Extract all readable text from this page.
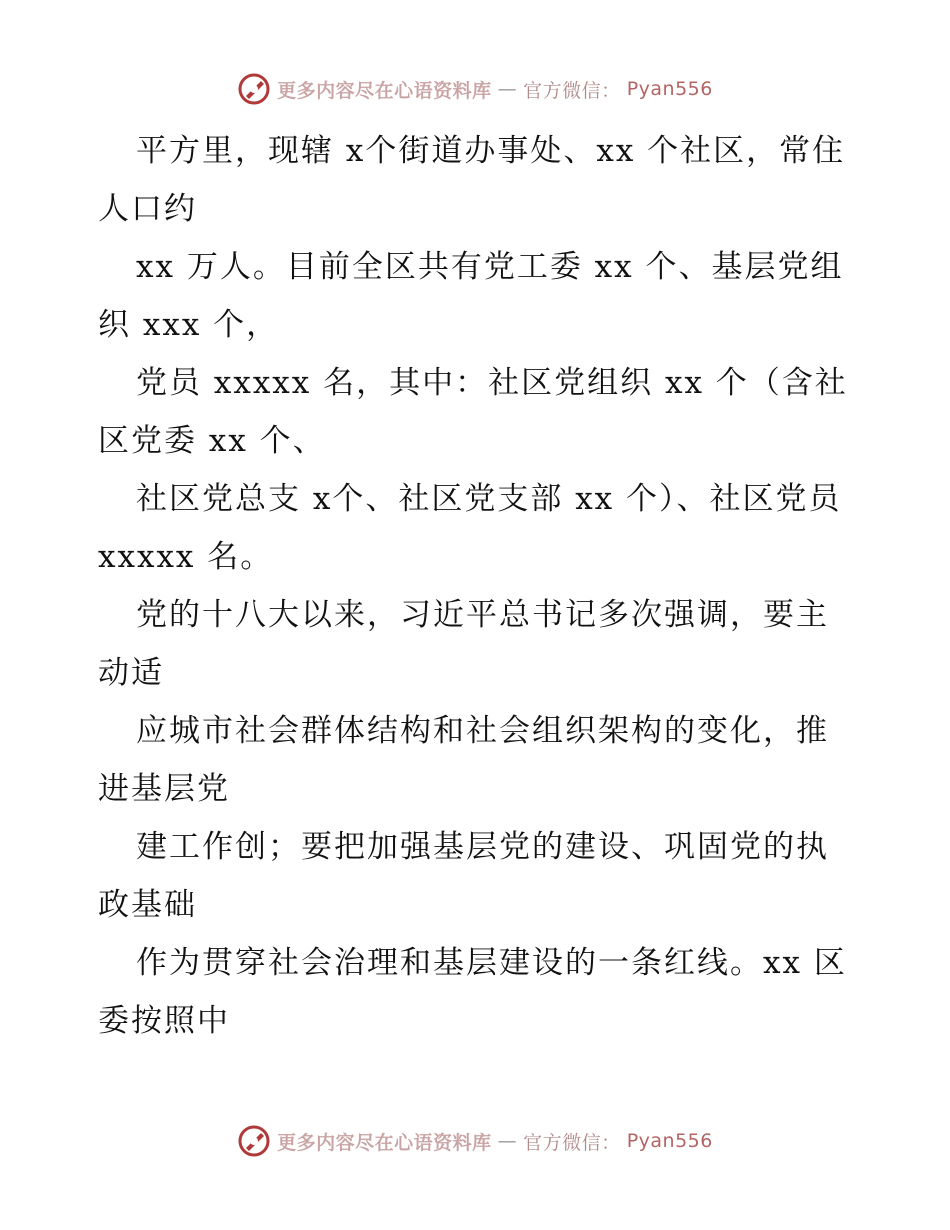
更多内容尽在心语资料库 — 官方微信： Pyan556

平方里，现辖 x个街道办事处、xx 个社区，常住人口约

xx 万人。目前全区共有党工委 xx 个、基层党组织 xxx 个，

党员 xxxxx 名，其中：社区党组织 xx 个（含社区党委 xx 个、

社区党总支 x个、社区党支部 xx 个）、社区党员 xxxxx 名。

党的十八大以来，习近平总书记多次强调，要主动适

应城市社会群体结构和社会组织架构的变化，推进基层党

建工作创；要把加强基层党的建设、巩固党的执政基础

作为贯穿社会治理和基层建设的一条红线。xx 区委按照中

更多内容尽在心语资料库 — 官方微信： Pyan556
